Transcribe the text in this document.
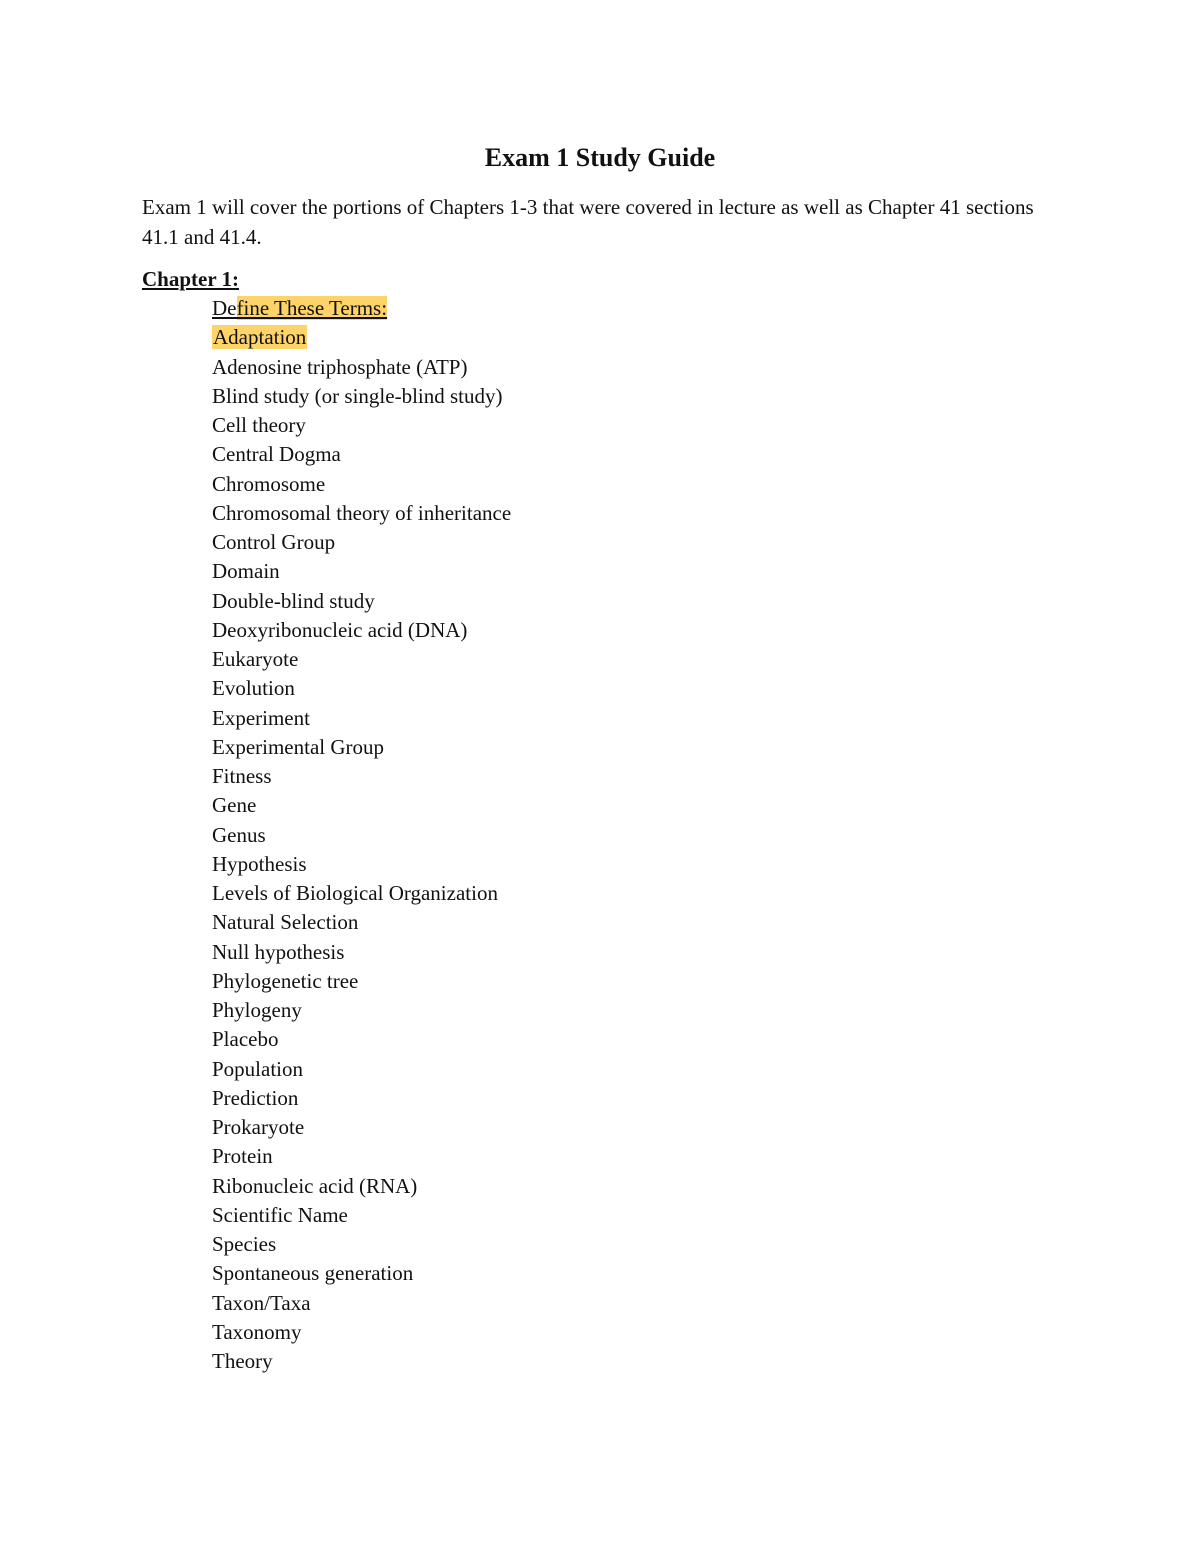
Exam 1 Study Guide

Exam 1 will cover the portions of Chapters 1-3 that were covered in lecture as well as Chapter 41 sections 41.1 and 41.4.

Chapter 1:
Define These Terms:
Adaptation
Adenosine triphosphate (ATP)
Blind study (or single-blind study)
Cell theory
Central Dogma
Chromosome
Chromosomal theory of inheritance
Control Group
Domain
Double-blind study
Deoxyribonucleic acid (DNA)
Eukaryote
Evolution
Experiment
Experimental Group
Fitness
Gene
Genus
Hypothesis
Levels of Biological Organization
Natural Selection
Null hypothesis
Phylogenetic tree
Phylogeny
Placebo
Population
Prediction
Prokaryote
Protein
Ribonucleic acid (RNA)
Scientific Name
Species
Spontaneous generation
Taxon/Taxa
Taxonomy
Theory
